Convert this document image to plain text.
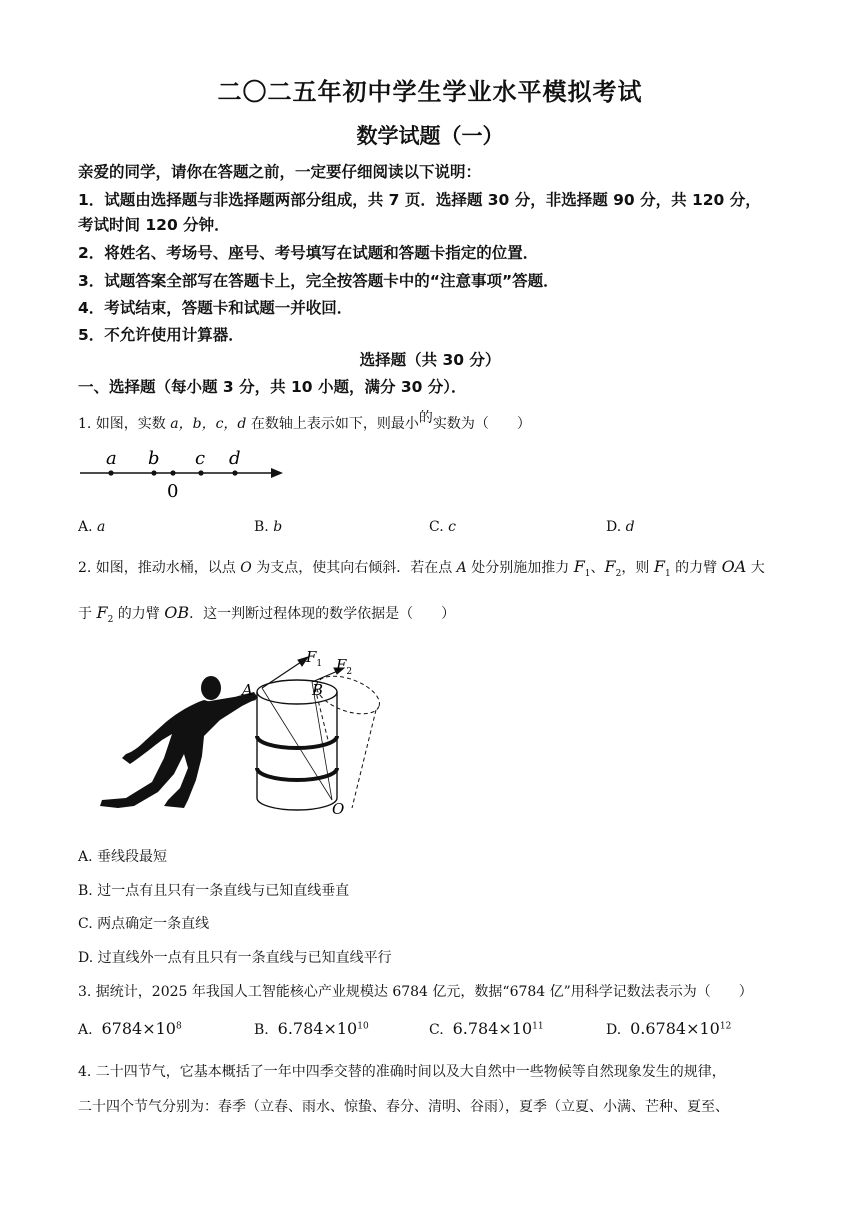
二〇二五年初中学生学业水平模拟考试
数学试题（一）
亲爱的同学，请你在答题之前，一定要仔细阅读以下说明：
1．试题由选择题与非选择题两部分组成，共 7 页．选择题 30 分，非选择题 90 分，共 120 分，
考试时间 120 分钟．
2．将姓名、考场号、座号、考号填写在试题和答题卡指定的位置．
3．试题答案全部写在答题卡上，完全按答题卡中的“注意事项”答题．
4．考试结束，答题卡和试题一并收回．
5．不允许使用计算器．
选择题（共 30 分）
一、选择题（每小题 3 分，共 10 小题，满分 30 分）．
1. 如图，实数 a，b，c，d 在数轴上表示如下，则最小的实数为（　　）
a b c d
0
A. a	B. b	C. c	D. d
2. 如图，推动水桶，以点 O 为支点，使其向右倾斜．若在点 A 处分别施加推力 $F_1$、$F_2$，则 $F_1$ 的力臂 OA 大
于 $F_2$ 的力臂 OB．这一判断过程体现的数学依据是（　　）
A	B
O
$F_1$ $F_2$
A. 垂线段最短
B. 过一点有且只有一条直线与已知直线垂直
C. 两点确定一条直线
D. 过直线外一点有且只有一条直线与已知直线平行
3. 据统计，2025 年我国人工智能核心产业规模达 6784 亿元，数据“6784 亿”用科学记数法表示为（　　）
A. $6784\times 10^8$	B. $6.784\times 10^{10}$	C. $6.784\times 10^{11}$	D. $0.6784\times 10^{12}$
4. 二十四节气，它基本概括了一年中四季交替的准确时间以及大自然中一些物候等自然现象发生的规律，
二十四个节气分别为：春季（立春、雨水、惊蛰、春分、清明、谷雨），夏季（立夏、小满、芒种、夏至、
